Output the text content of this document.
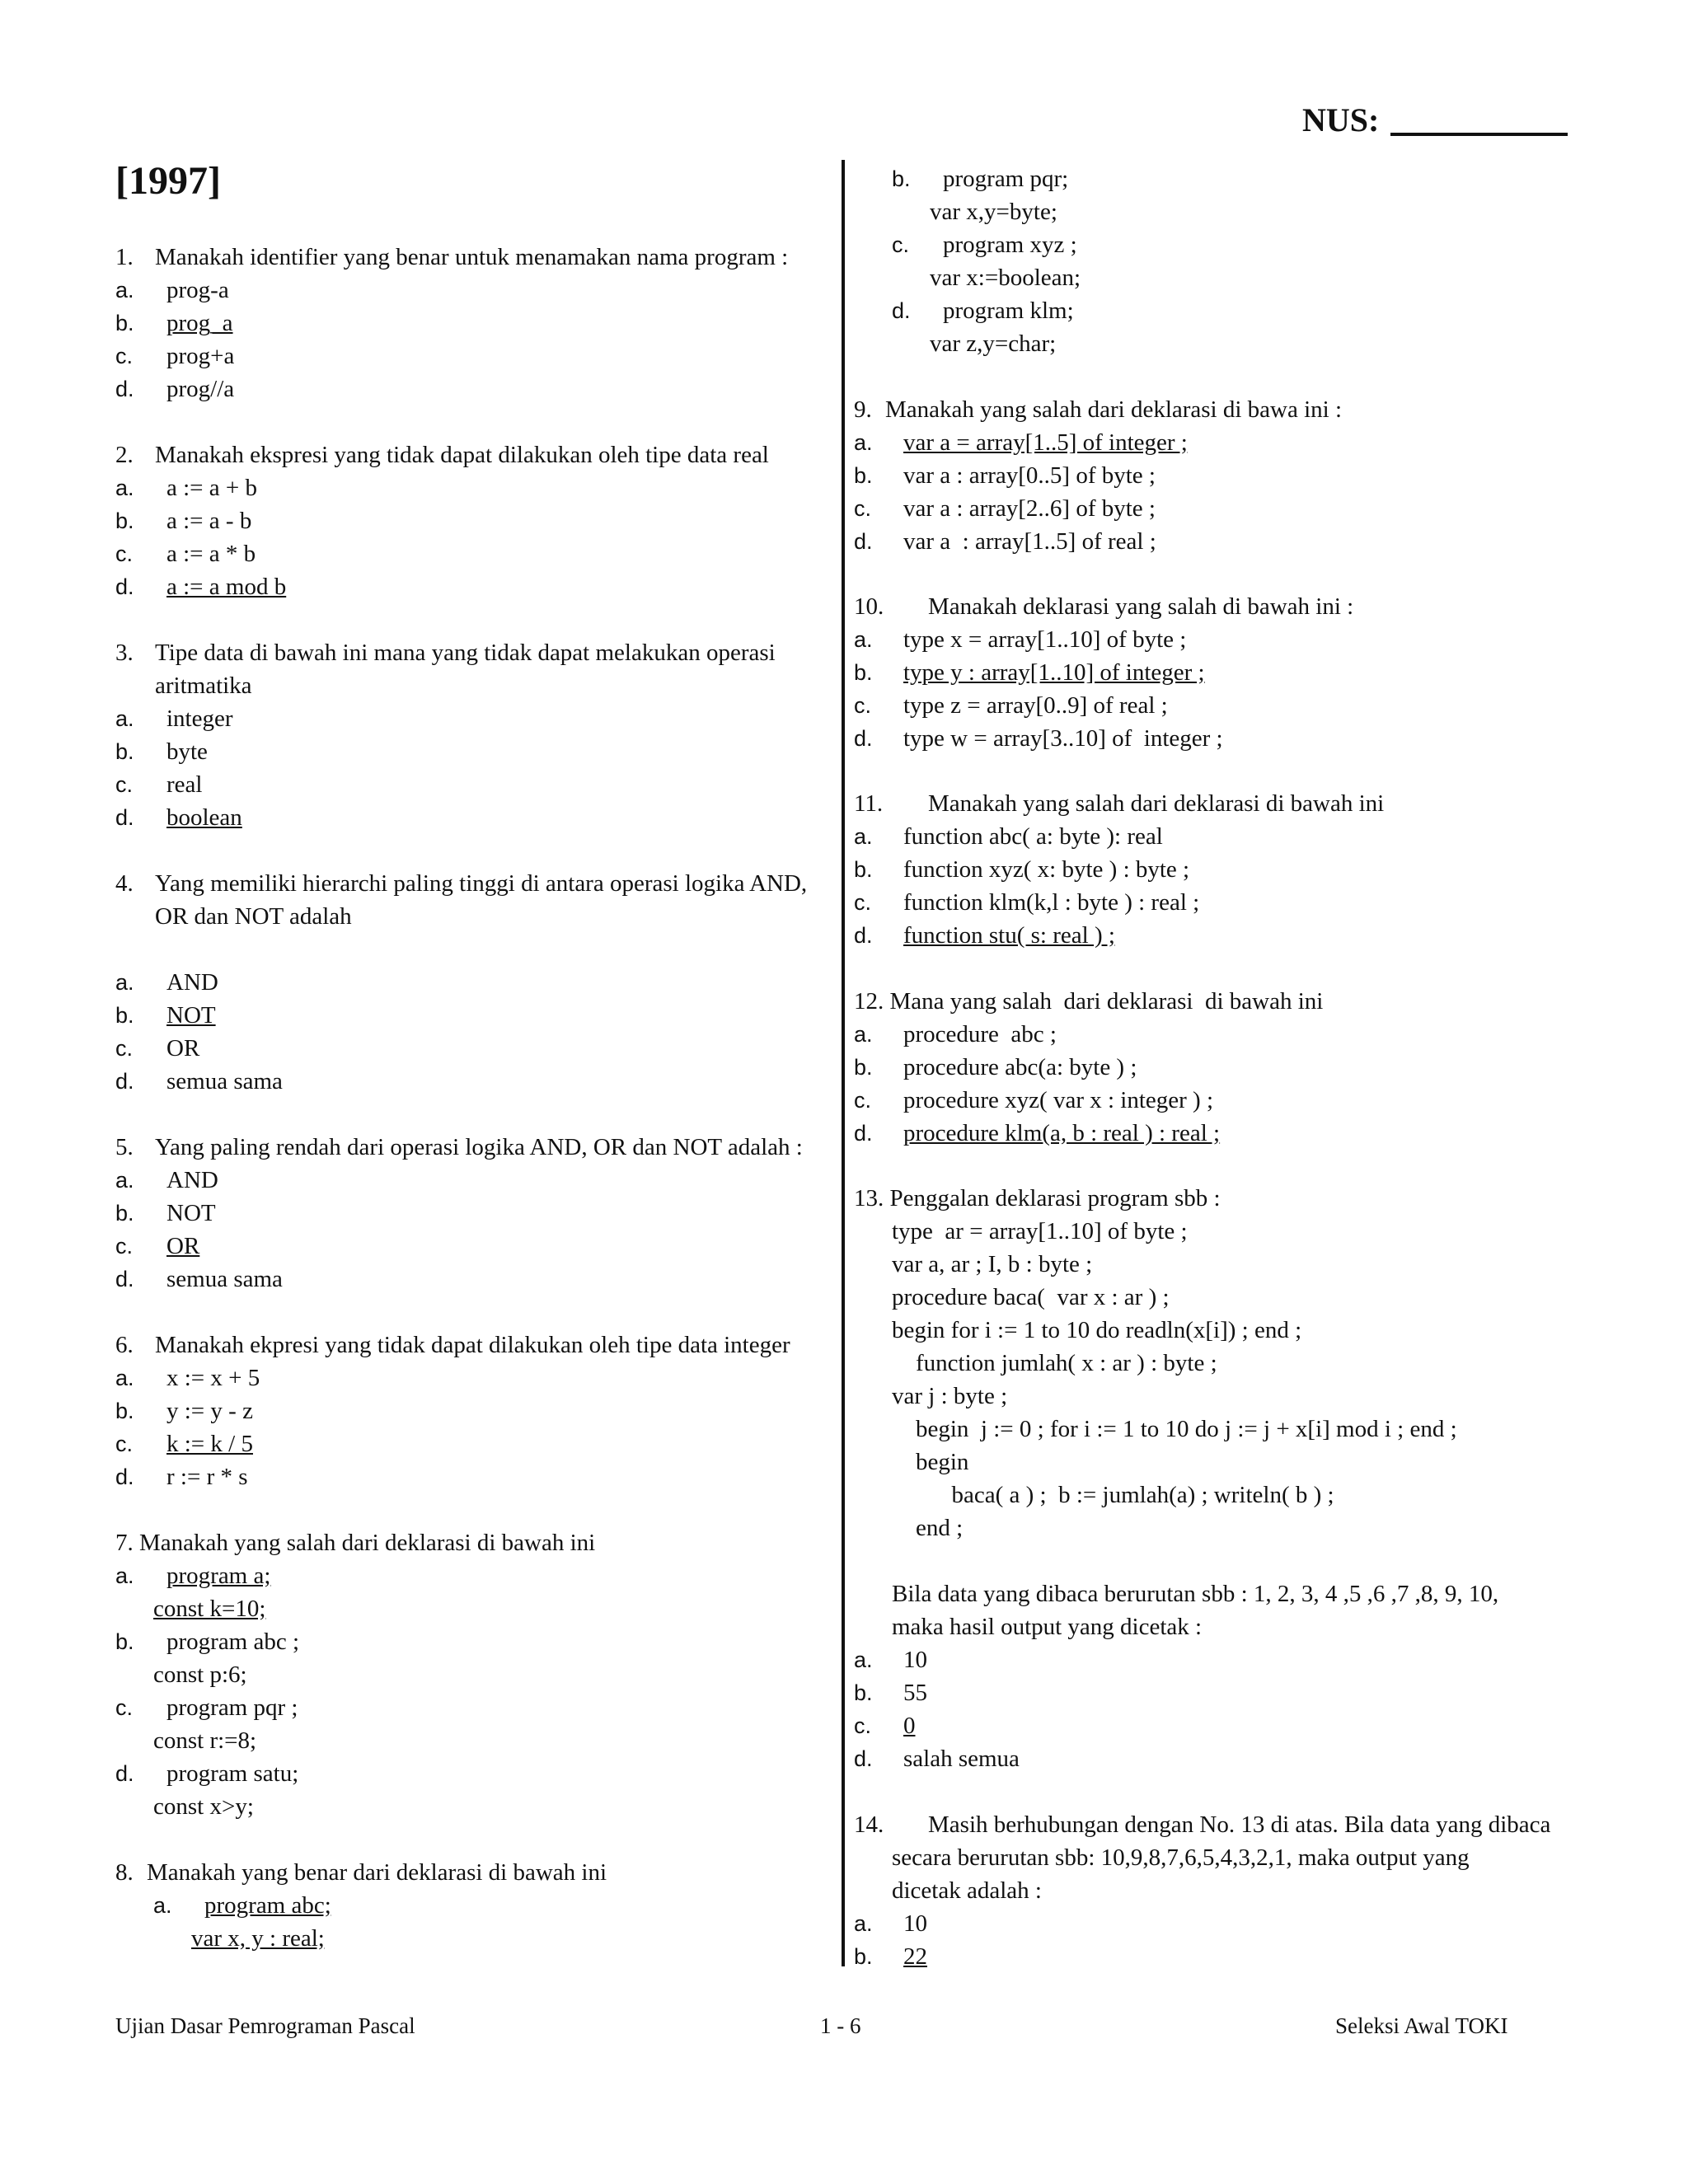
NUS:
[1997]
1. Manakah identifier yang benar untuk menamakan nama program :
a. prog-a
b. prog_a
c. prog+a
d. prog//a
2. Manakah ekspresi yang tidak dapat dilakukan oleh tipe data real
a. a := a + b
b. a := a - b
c. a := a * b
d. a := a mod b
3. Tipe data di bawah ini mana yang tidak dapat melakukan operasi aritmatika
a. integer
b. byte
c. real
d. boolean
4. Yang memiliki hierarchi paling tinggi di antara operasi logika AND, OR dan NOT adalah
a. AND
b. NOT
c. OR
d. semua sama
5. Yang paling rendah dari operasi logika AND, OR dan NOT adalah :
a. AND
b. NOT
c. OR
d. semua sama
6. Manakah ekpresi yang tidak dapat dilakukan oleh tipe data integer
a. x := x + 5
b. y := y - z
c. k := k / 5
d. r := r * s
7. Manakah yang salah dari deklarasi di bawah ini
a. program a;
const k=10;
b. program abc ;
const p:6;
c. program pqr ;
const r:=8;
d. program satu;
const x>y;
8. Manakah yang benar dari deklarasi di bawah ini
a. program abc;
var x, y : real;
b. program pqr;
var x,y=byte;
c. program xyz ;
var x:=boolean;
d. program klm;
var z,y=char;
9. Manakah yang salah dari deklarasi di bawa ini :
a. var a = array[1..5] of integer ;
b. var a : array[0..5] of byte ;
c. var a : array[2..6] of byte ;
d. var a  : array[1..5] of real ;
10. Manakah deklarasi yang salah di bawah ini :
a. type x = array[1..10] of byte ;
b. type y : array[1..10] of integer ;
c. type z = array[0..9] of real ;
d. type w = array[3..10] of  integer ;
11. Manakah yang salah dari deklarasi di bawah ini
a. function abc( a: byte ): real
b. function xyz( x: byte ) : byte ;
c. function klm(k,l : byte ) : real ;
d. function stu( s: real ) ;
12. Mana yang salah  dari deklarasi  di bawah ini
a. procedure  abc ;
b. procedure abc(a: byte ) ;
c. procedure xyz( var x : integer ) ;
d. procedure klm(a, b : real ) : real ;
13. Penggalan deklarasi program sbb :
type  ar = array[1..10] of byte ;
var a, ar ; I, b : byte ;
procedure baca(  var x : ar ) ;
begin for i := 1 to 10 do readln(x[i]) ; end ;
function jumlah( x : ar ) : byte ;
var j : byte ;
begin  j := 0 ; for i := 1 to 10 do j := j + x[i] mod i ; end ;
begin
baca( a ) ;  b := jumlah(a) ; writeln( b ) ;
end ;
Bila data yang dibaca berurutan sbb : 1, 2, 3, 4 ,5 ,6 ,7 ,8, 9, 10,
maka hasil output yang dicetak :
a. 10
b. 55
c. 0
d. salah semua
14. Masih berhubungan dengan No. 13 di atas. Bila data yang dibaca
secara berurutan sbb: 10,9,8,7,6,5,4,3,2,1, maka output yang
dicetak adalah :
a. 10
b. 22
Ujian Dasar Pemrograman Pascal	1 - 6	Seleksi Awal TOKI
